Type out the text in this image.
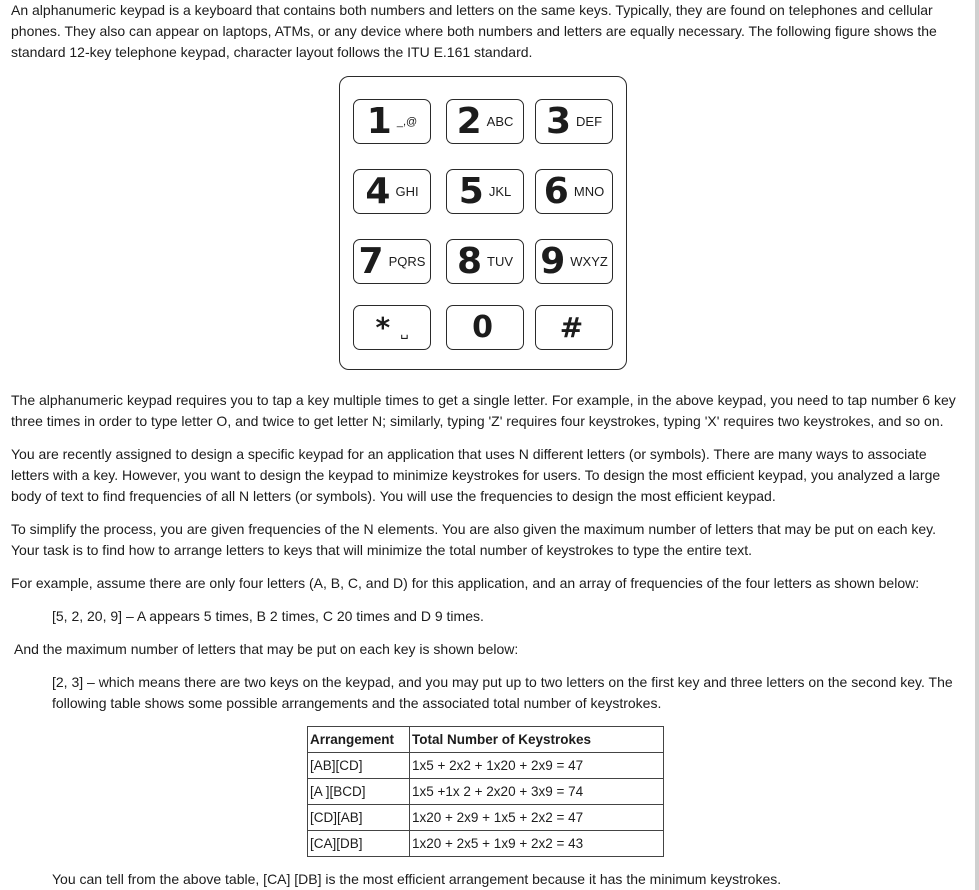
An alphanumeric keypad is a keyboard that contains both numbers and letters on the same keys. Typically, they are found on telephones and cellular phones. They also can appear on laptops, ATMs, or any device where both numbers and letters are equally necessary. The following figure shows the standard 12-key telephone keypad, character layout follows the ITU E.161 standard.

1 _,@ 2 ABC 3 DEF
4 GHI 5 JKL 6 MNO
7 PQRS 8 TUV 9 WXYZ
* ␣ 0 #

The alphanumeric keypad requires you to tap a key multiple times to get a single letter. For example, in the above keypad, you need to tap number 6 key three times in order to type letter O, and twice to get letter N; similarly, typing 'Z' requires four keystrokes, typing 'X' requires two keystrokes, and so on.

You are recently assigned to design a specific keypad for an application that uses N different letters (or symbols). There are many ways to associate letters with a key. However, you want to design the keypad to minimize keystrokes for users. To design the most efficient keypad, you analyzed a large body of text to find frequencies of all N letters (or symbols). You will use the frequencies to design the most efficient keypad.

To simplify the process, you are given frequencies of the N elements. You are also given the maximum number of letters that may be put on each key. Your task is to find how to arrange letters to keys that will minimize the total number of keystrokes to type the entire text.

For example, assume there are only four letters (A, B, C, and D) for this application, and an array of frequencies of the four letters as shown below:

[5, 2, 20, 9] – A appears 5 times, B 2 times, C 20 times and D 9 times.

And the maximum number of letters that may be put on each key is shown below:

[2, 3] – which means there are two keys on the keypad, and you may put up to two letters on the first key and three letters on the second key. The following table shows some possible arrangements and the associated total number of keystrokes.

Arrangement	Total Number of Keystrokes
[AB][CD]	1x5 + 2x2 + 1x20 + 2x9 = 47
[A ][BCD]	1x5 +1x 2 + 2x20 + 3x9 = 74
[CD][AB]	1x20 + 2x9 + 1x5 + 2x2 = 47
[CA][DB]	1x20 + 2x5 + 1x9 + 2x2 = 43

You can tell from the above table, [CA] [DB] is the most efficient arrangement because it has the minimum keystrokes.
